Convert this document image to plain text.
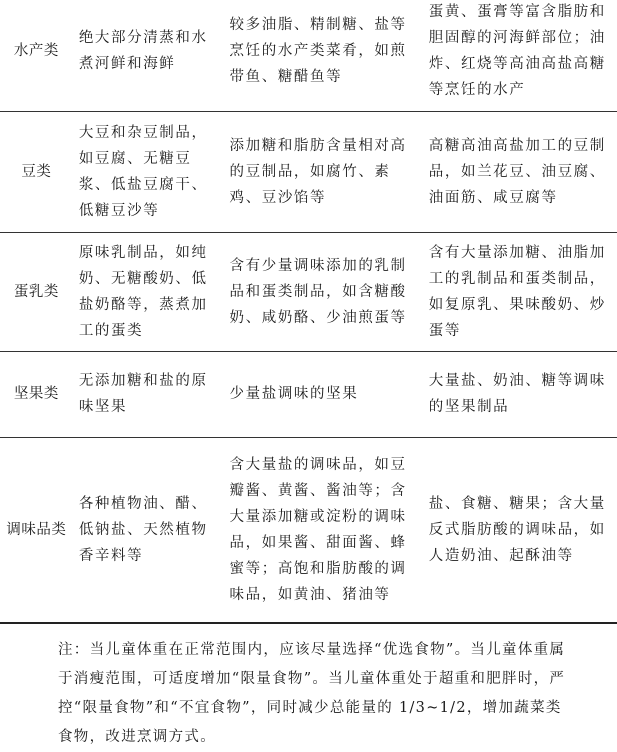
水产类	绝大部分清蒸和水煮河鲜和海鲜	较多油脂、精制糖、盐等烹饪的水产类菜肴，如煎带鱼、糖醋鱼等	蛋黄、蛋膏等富含脂肪和胆固醇的河海鲜部位；油炸、红烧等高油高盐高糖等烹饪的水产
豆类	大豆和杂豆制品，如豆腐、无糖豆浆、低盐豆腐干、低糖豆沙等	添加糖和脂肪含量相对高的豆制品，如腐竹、素鸡、豆沙馅等	高糖高油高盐加工的豆制品，如兰花豆、油豆腐、油面筋、咸豆腐等
蛋乳类	原味乳制品，如纯奶、无糖酸奶、低盐奶酪等，蒸煮加工的蛋类	含有少量调味添加的乳制品和蛋类制品，如含糖酸奶、咸奶酪、少油煎蛋等	含有大量添加糖、油脂加工的乳制品和蛋类制品，如复原乳、果味酸奶、炒蛋等
坚果类	无添加糖和盐的原味坚果	少量盐调味的坚果	大量盐、奶油、糖等调味的坚果制品
调味品类	各种植物油、醋、低钠盐、天然植物香辛料等	含大量盐的调味品，如豆瓣酱、黄酱、酱油等；含大量添加糖或淀粉的调味品，如果酱、甜面酱、蜂蜜等；高饱和脂肪酸的调味品，如黄油、猪油等	盐、食糖、糖果；含大量反式脂肪酸的调味品，如人造奶油、起酥油等

注：当儿童体重在正常范围内，应该尽量选择“优选食物”。当儿童体重属于消瘦范围，可适度增加“限量食物”。当儿童体重处于超重和肥胖时，严控“限量食物”和“不宜食物”，同时减少总能量的 1/3~1/2，增加蔬菜类食物，改进烹调方式。
